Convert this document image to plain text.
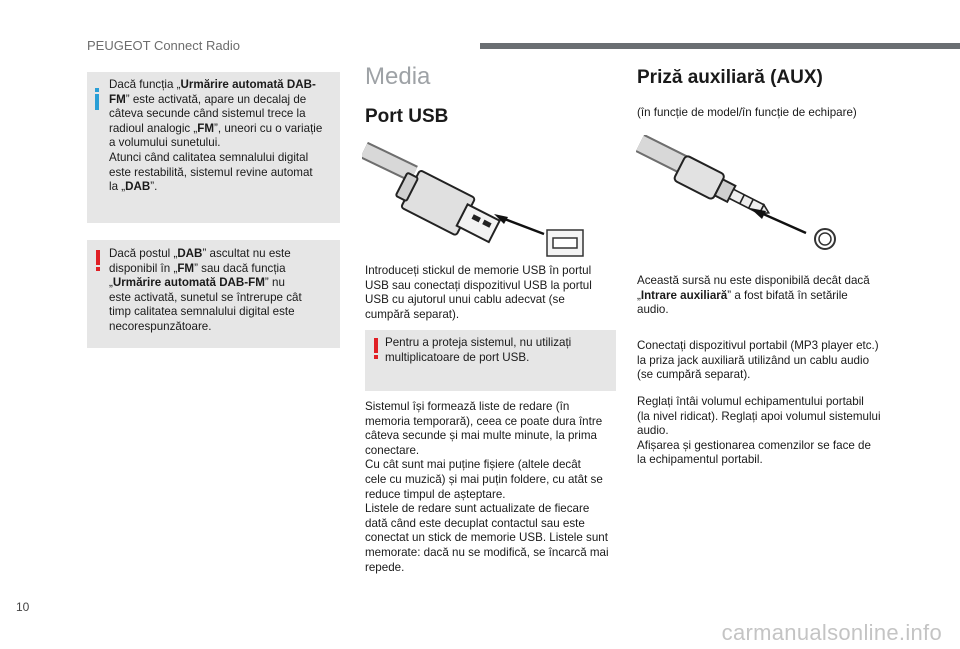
PEUGEOT Connect Radio
Dacă funcția „Urmărire automată DAB-
FM” este activată, apare un decalaj de
câteva secunde când sistemul trece la
radioul analogic „FM”, uneori cu o variație
a volumului sunetului.
Atunci când calitatea semnalului digital
este restabilită, sistemul revine automat
la „DAB”.
Dacă postul „DAB” ascultat nu este
disponibil în „FM” sau dacă funcția
„Urmărire automată DAB-FM” nu
este activată, sunetul se întrerupe cât
timp calitatea semnalului digital este
necorespunzătoare.
Media
Port USB
Introduceți stickul de memorie USB în portul
USB sau conectați dispozitivul USB la portul
USB cu ajutorul unui cablu adecvat (se
cumpără separat).
Pentru a proteja sistemul, nu utilizați
multiplicatoare de port USB.
Sistemul își formează liste de redare (în
memoria temporară), ceea ce poate dura între
câteva secunde și mai multe minute, la prima
conectare.
Cu cât sunt mai puține fișiere (altele decât
cele cu muzică) și mai puțin foldere, cu atât se
reduce timpul de așteptare.
Listele de redare sunt actualizate de fiecare
dată când este decuplat contactul sau este
conectat un stick de memorie USB. Listele sunt
memorate: dacă nu se modifică, se încarcă mai
repede.
Priză auxiliară (AUX)

(în funcție de model/în funcție de echipare)

Această sursă nu este disponibilă decât dacă
„Intrare auxiliară” a fost bifată în setările
audio.
Conectați dispozitivul portabil (MP3 player etc.)
la priza jack auxiliară utilizând un cablu audio
(se cumpără separat).
Reglați întâi volumul echipamentului portabil
(la nivel ridicat). Reglați apoi volumul sistemului
audio.
Afișarea și gestionarea comenzilor se face de
la echipamentul portabil.
10
carmanualsonline.info
